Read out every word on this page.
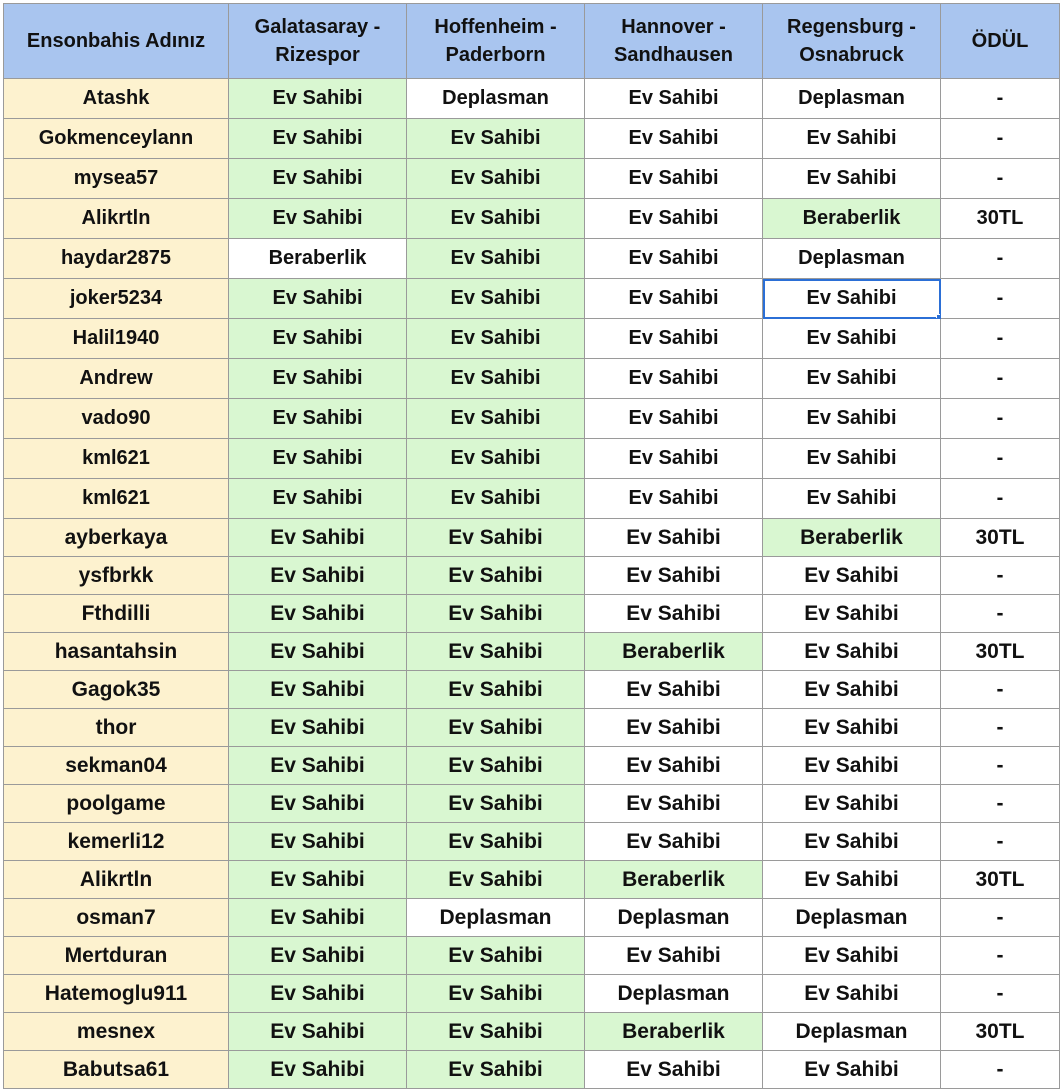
Ensonbahis Adınız	Galatasaray - Rizespor	Hoffenheim - Paderborn	Hannover - Sandhausen	Regensburg - Osnabruck	ÖDÜL
Atashk	Ev Sahibi	Deplasman	Ev Sahibi	Deplasman	-
Gokmenceylann	Ev Sahibi	Ev Sahibi	Ev Sahibi	Ev Sahibi	-
mysea57	Ev Sahibi	Ev Sahibi	Ev Sahibi	Ev Sahibi	-
Alikrtln	Ev Sahibi	Ev Sahibi	Ev Sahibi	Beraberlik	30TL
haydar2875	Beraberlik	Ev Sahibi	Ev Sahibi	Deplasman	-
joker5234	Ev Sahibi	Ev Sahibi	Ev Sahibi	Ev Sahibi	-
Halil1940	Ev Sahibi	Ev Sahibi	Ev Sahibi	Ev Sahibi	-
Andrew	Ev Sahibi	Ev Sahibi	Ev Sahibi	Ev Sahibi	-
vado90	Ev Sahibi	Ev Sahibi	Ev Sahibi	Ev Sahibi	-
kml621	Ev Sahibi	Ev Sahibi	Ev Sahibi	Ev Sahibi	-
kml621	Ev Sahibi	Ev Sahibi	Ev Sahibi	Ev Sahibi	-
ayberkaya	Ev Sahibi	Ev Sahibi	Ev Sahibi	Beraberlik	30TL
ysfbrkk	Ev Sahibi	Ev Sahibi	Ev Sahibi	Ev Sahibi	-
Fthdilli	Ev Sahibi	Ev Sahibi	Ev Sahibi	Ev Sahibi	-
hasantahsin	Ev Sahibi	Ev Sahibi	Beraberlik	Ev Sahibi	30TL
Gagok35	Ev Sahibi	Ev Sahibi	Ev Sahibi	Ev Sahibi	-
thor	Ev Sahibi	Ev Sahibi	Ev Sahibi	Ev Sahibi	-
sekman04	Ev Sahibi	Ev Sahibi	Ev Sahibi	Ev Sahibi	-
poolgame	Ev Sahibi	Ev Sahibi	Ev Sahibi	Ev Sahibi	-
kemerli12	Ev Sahibi	Ev Sahibi	Ev Sahibi	Ev Sahibi	-
Alikrtln	Ev Sahibi	Ev Sahibi	Beraberlik	Ev Sahibi	30TL
osman7	Ev Sahibi	Deplasman	Deplasman	Deplasman	-
Mertduran	Ev Sahibi	Ev Sahibi	Ev Sahibi	Ev Sahibi	-
Hatemoglu911	Ev Sahibi	Ev Sahibi	Deplasman	Ev Sahibi	-
mesnex	Ev Sahibi	Ev Sahibi	Beraberlik	Deplasman	30TL
Babutsa61	Ev Sahibi	Ev Sahibi	Ev Sahibi	Ev Sahibi	-
